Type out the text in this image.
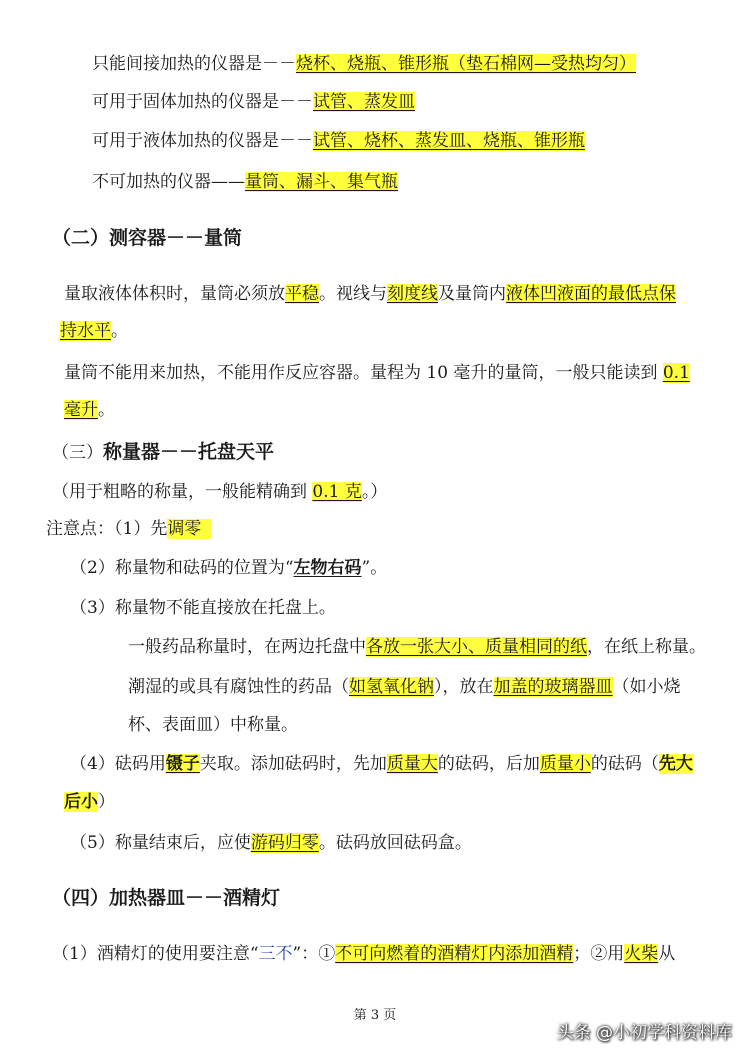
只能间接加热的仪器是－－烧杯、烧瓶、锥形瓶（垫石棉网—受热均匀）
可用于固体加热的仪器是－－试管、蒸发皿
可用于液体加热的仪器是－－试管、烧杯、蒸发皿、烧瓶、锥形瓶
不可加热的仪器——量筒、漏斗、集气瓶
（二）测容器－－量筒
量取液体体积时，量筒必须放平稳。视线与刻度线及量筒内液体凹液面的最低点保
持水平。
量筒不能用来加热，不能用作反应容器。量程为 10 毫升的量筒，一般只能读到 0.1
毫升。
（三）称量器－－托盘天平
（用于粗略的称量，一般能精确到 0.1 克。）
注意点：（1）先调零
（2）称量物和砝码的位置为“左物右码”。
（3）称量物不能直接放在托盘上。
一般药品称量时，在两边托盘中各放一张大小、质量相同的纸，在纸上称量。
潮湿的或具有腐蚀性的药品（如氢氧化钠），放在加盖的玻璃器皿（如小烧
杯、表面皿）中称量。
（4）砝码用镊子夹取。添加砝码时，先加质量大的砝码，后加质量小的砝码（先大
后小）
（5）称量结束后，应使游码归零。砝码放回砝码盒。
（四）加热器皿－－酒精灯
（1）酒精灯的使用要注意“三不”：①不可向燃着的酒精灯内添加酒精；②用火柴从
第 3 页
头条 @小初学科资料库
